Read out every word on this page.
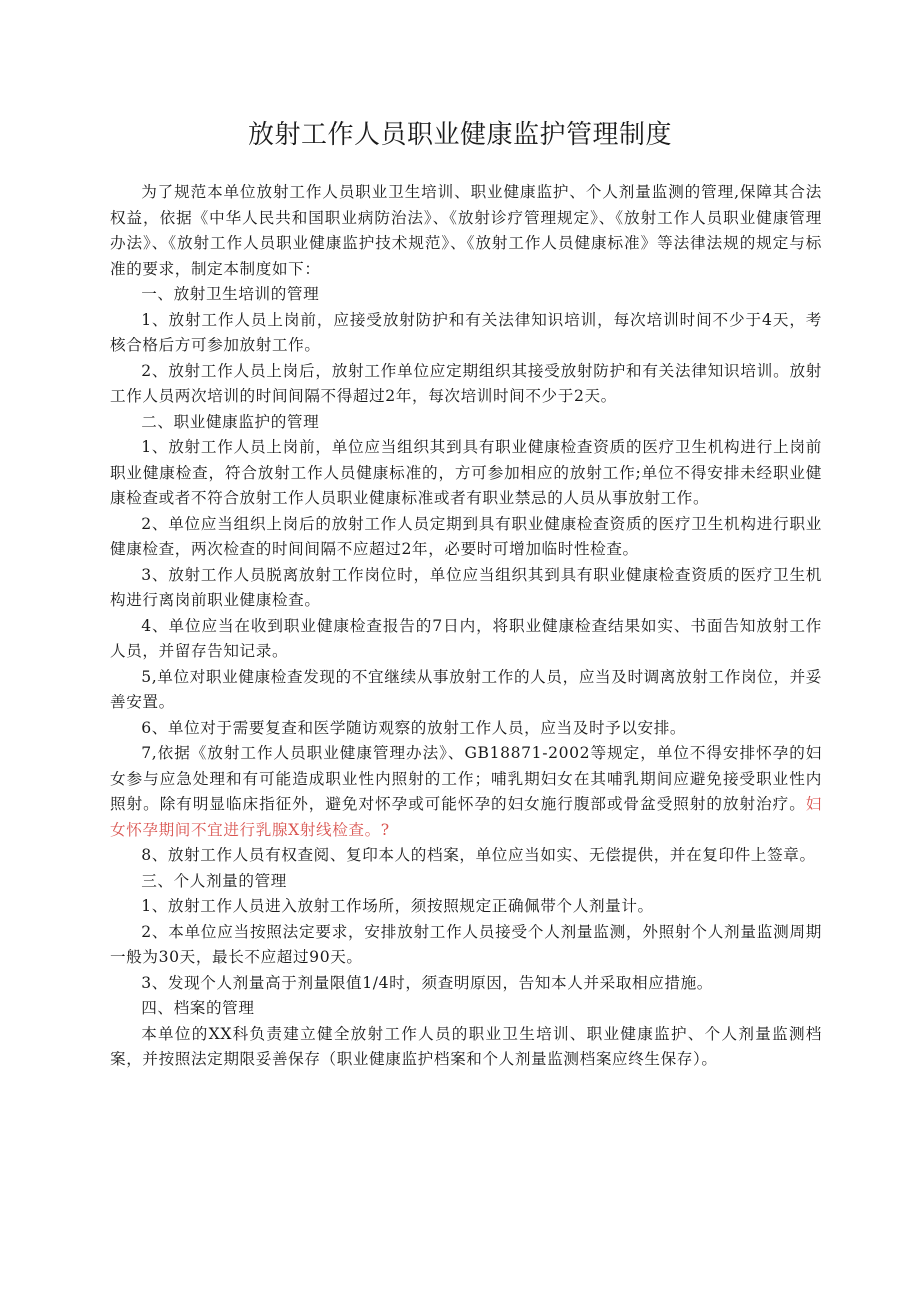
放射工作人员职业健康监护管理制度

为了规范本单位放射工作人员职业卫生培训、职业健康监护、个人剂量监测的管理,保障其合法权益，依据《中华人民共和国职业病防治法》、《放射诊疗管理规定》、《放射工作人员职业健康管理办法》、《放射工作人员职业健康监护技术规范》、《放射工作人员健康标准》等法律法规的规定与标准的要求，制定本制度如下：

一、放射卫生培训的管理

1、放射工作人员上岗前，应接受放射防护和有关法律知识培训，每次培训时间不少于4天，考核合格后方可参加放射工作。

2、放射工作人员上岗后，放射工作单位应定期组织其接受放射防护和有关法律知识培训。放射工作人员两次培训的时间间隔不得超过2年，每次培训时间不少于2天。

二、职业健康监护的管理

1、放射工作人员上岗前，单位应当组织其到具有职业健康检查资质的医疗卫生机构进行上岗前职业健康检查，符合放射工作人员健康标准的，方可参加相应的放射工作;单位不得安排未经职业健康检查或者不符合放射工作人员职业健康标准或者有职业禁忌的人员从事放射工作。

2、单位应当组织上岗后的放射工作人员定期到具有职业健康检查资质的医疗卫生机构进行职业健康检查，两次检查的时间间隔不应超过2年，必要时可增加临时性检查。

3、放射工作人员脱离放射工作岗位时，单位应当组织其到具有职业健康检查资质的医疗卫生机构进行离岗前职业健康检查。

4、单位应当在收到职业健康检查报告的7日内，将职业健康检查结果如实、书面告知放射工作人员，并留存告知记录。

5,单位对职业健康检查发现的不宜继续从事放射工作的人员，应当及时调离放射工作岗位，并妥善安置。

6、单位对于需要复查和医学随访观察的放射工作人员，应当及时予以安排。

7,依据《放射工作人员职业健康管理办法》、GB18871-2002等规定，单位不得安排怀孕的妇女参与应急处理和有可能造成职业性内照射的工作；哺乳期妇女在其哺乳期间应避免接受职业性内照射。除有明显临床指征外，避免对怀孕或可能怀孕的妇女施行腹部或骨盆受照射的放射治疗。妇女怀孕期间不宜进行乳腺X射线检查。?

8、放射工作人员有权查阅、复印本人的档案，单位应当如实、无偿提供，并在复印件上签章。

三、个人剂量的管理

1、放射工作人员进入放射工作场所，须按照规定正确佩带个人剂量计。

2、本单位应当按照法定要求，安排放射工作人员接受个人剂量监测，外照射个人剂量监测周期一般为30天，最长不应超过90天。

3、发现个人剂量高于剂量限值1/4时，须查明原因，告知本人并采取相应措施。

四、档案的管理

本单位的XX科负责建立健全放射工作人员的职业卫生培训、职业健康监护、个人剂量监测档案，并按照法定期限妥善保存（职业健康监护档案和个人剂量监测档案应终生保存）。
